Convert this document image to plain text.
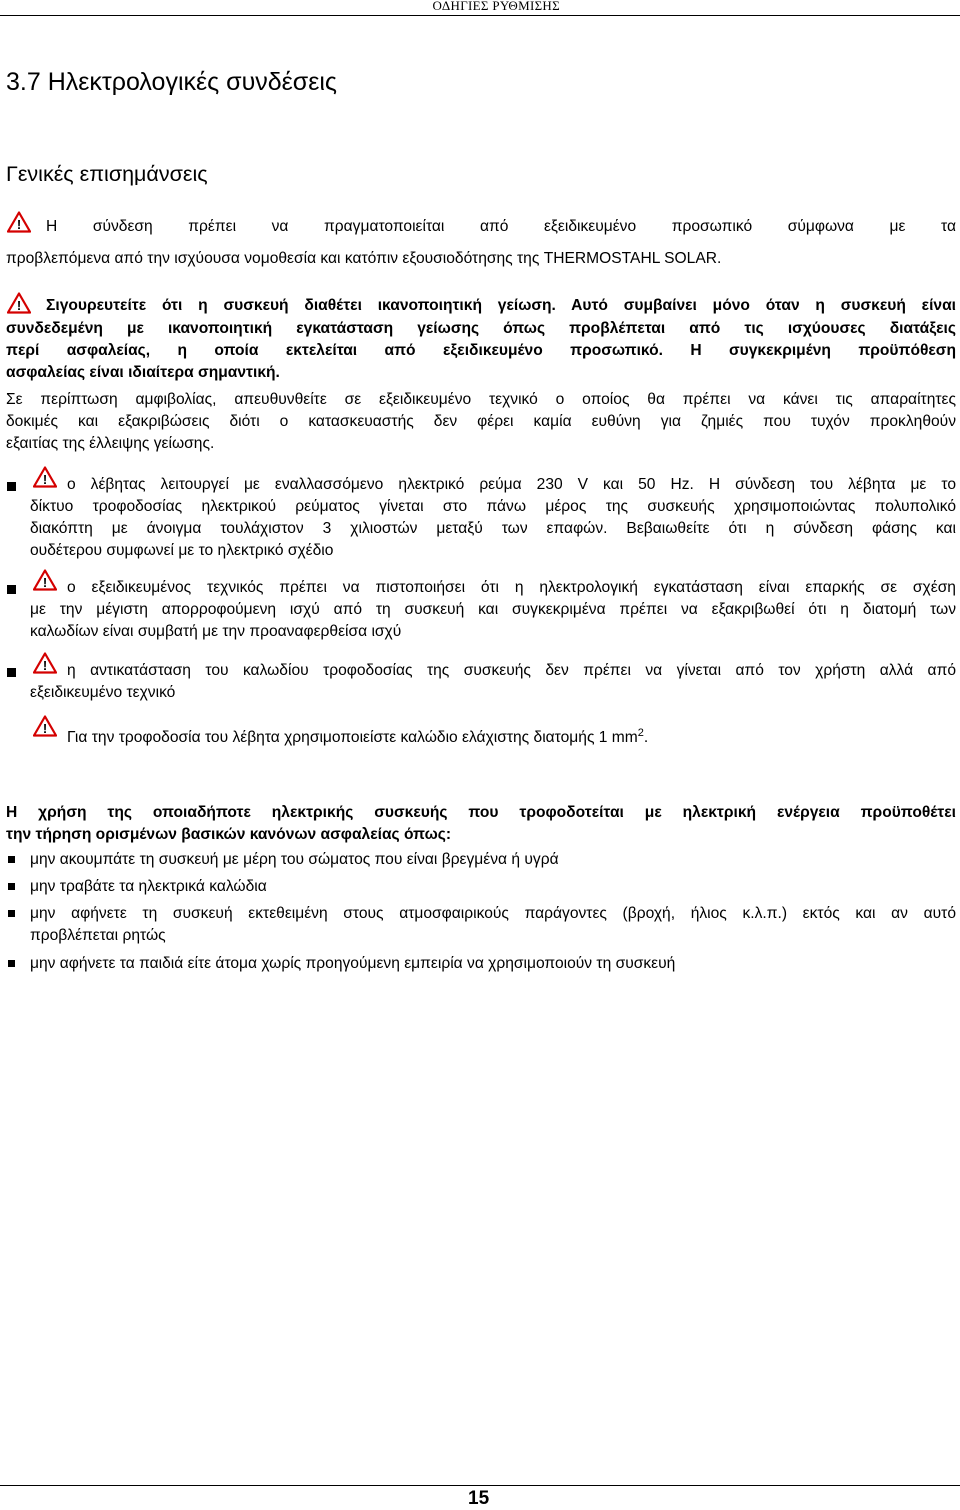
ΟΔΗΓΙΕΣ ΡΥΘΜΙΣΗΣ
3.7 Ηλεκτρολογικές συνδέσεις
Γενικές επισημάνσεις
! Η σύνδεση πρέπει να πραγματοποιείται από εξειδικευμένο προσωπικό σύμφωνα με τα
προβλεπόμενα από την ισχύουσα νομοθεσία και κατόπιν εξουσιοδότησης της THERMOSTAHL SOLAR.
! Σιγουρευτείτε ότι η συσκευή διαθέτει ικανοποιητική γείωση. Αυτό συμβαίνει μόνο όταν η συσκευή είναι
συνδεδεμένη με ικανοποιητική εγκατάσταση γείωσης όπως προβλέπεται από τις ισχύουσες διατάξεις
περί ασφαλείας, η οποία εκτελείται από εξειδικευμένο προσωπικό. Η συγκεκριμένη προϋπόθεση
ασφαλείας είναι ιδιαίτερα σημαντική.
Σε περίπτωση αμφιβολίας, απευθυνθείτε σε εξειδικευμένο τεχνικό ο οποίος θα πρέπει να κάνει τις απαραίτητες
δοκιμές και εξακριβώσεις διότι ο κατασκευαστής δεν φέρει καμία ευθύνη για ζημιές που τυχόν προκληθούν
εξαιτίας της έλλειψης γείωσης.
! ο λέβητας λειτουργεί με εναλλασσόμενο ηλεκτρικό ρεύμα 230 V και 50 Hz. Η σύνδεση του λέβητα με το
δίκτυο τροφοδοσίας ηλεκτρικού ρεύματος γίνεται στο πάνω μέρος της συσκευής χρησιμοποιώντας πολυπολικό
διακόπτη με άνοιγμα τουλάχιστον 3 χιλιοστών μεταξύ των επαφών. Βεβαιωθείτε ότι η σύνδεση φάσης και
ουδέτερου συμφωνεί με το ηλεκτρικό σχέδιο
! ο εξειδικευμένος τεχνικός πρέπει να πιστοποιήσει ότι η ηλεκτρολογική εγκατάσταση είναι επαρκής σε σχέση
με την μέγιστη απορροφούμενη ισχύ από τη συσκευή και συγκεκριμένα πρέπει να εξακριβωθεί ότι η διατομή των
καλωδίων είναι συμβατή με την προαναφερθείσα ισχύ
! η αντικατάσταση του καλωδίου τροφοδοσίας της συσκευής δεν πρέπει να γίνεται από τον χρήστη αλλά από
εξειδικευμένο τεχνικό
!
Για την τροφοδοσία του λέβητα χρησιμοποιείστε καλώδιο ελάχιστης διατομής 1 $mm^2$.
Η χρήση της οποιαδήποτε ηλεκτρικής συσκευής που τροφοδοτείται με ηλεκτρική ενέργεια προϋποθέτει
την τήρηση ορισμένων βασικών κανόνων ασφαλείας όπως:
μην ακουμπάτε τη συσκευή με μέρη του σώματος που είναι βρεγμένα ή υγρά
μην τραβάτε τα ηλεκτρικά καλώδια
μην αφήνετε τη συσκευή εκτεθειμένη στους ατμοσφαιρικούς παράγοντες (βροχή, ήλιος κ.λ.π.) εκτός και αν αυτό
προβλέπεται ρητώς
μην αφήνετε τα παιδιά είτε άτομα χωρίς προηγούμενη εμπειρία να χρησιμοποιούν τη συσκευή
15
